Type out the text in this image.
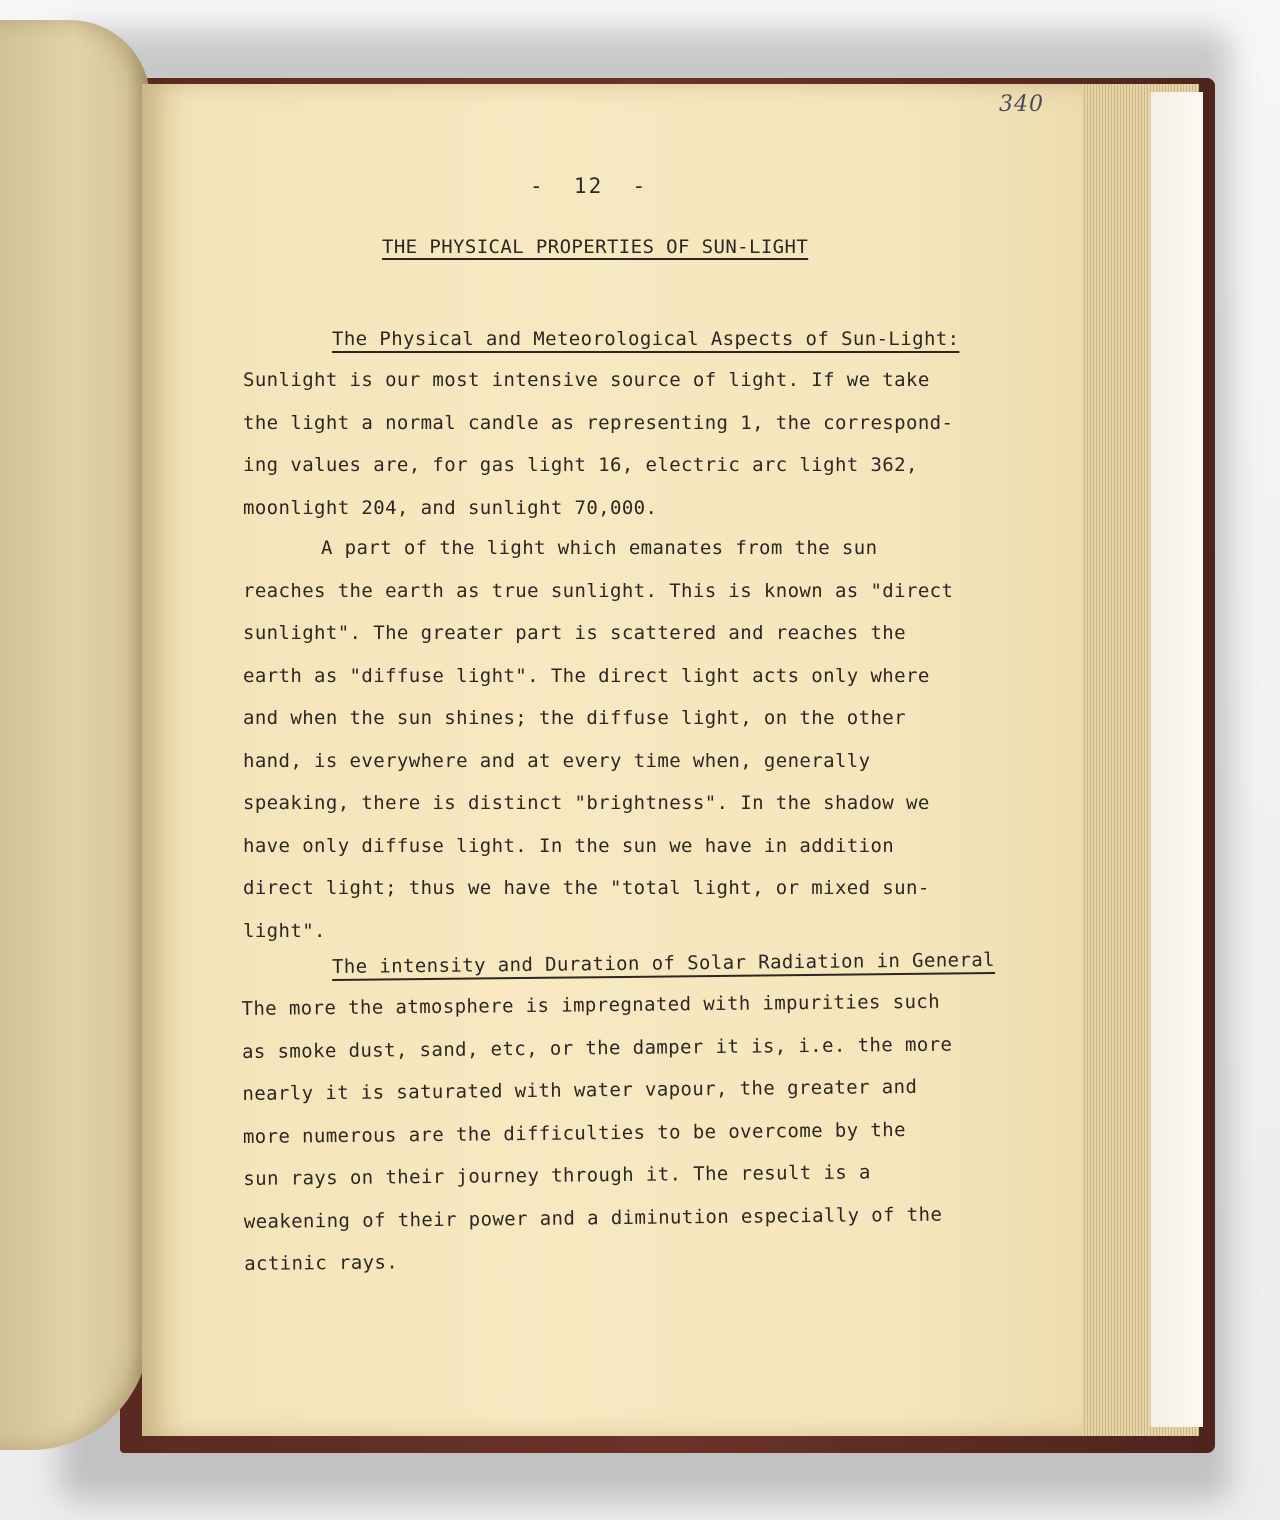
340
-  12  -
THE PHYSICAL PROPERTIES OF SUN-LIGHT
The Physical and Meteorological Aspects of Sun-Light:
Sunlight is our most intensive source of light. If we take
the light a normal candle as representing 1, the correspond-
ing values are, for gas light 16, electric arc light 362,
moonlight 204, and sunlight 70,000.
A part of the light which emanates from the sun
reaches the earth as true sunlight. This is known as "direct
sunlight". The greater part is scattered and reaches the
earth as "diffuse light". The direct light acts only where
and when the sun shines; the diffuse light, on the other
hand, is everywhere and at every time when, generally
speaking, there is distinct "brightness". In the shadow we
have only diffuse light. In the sun we have in addition
direct light; thus we have the "total light, or mixed sun-
light".
The intensity and Duration of Solar Radiation in General
The more the atmosphere is impregnated with impurities such
as smoke dust, sand, etc, or the damper it is, i.e. the more
nearly it is saturated with water vapour, the greater and
more numerous are the difficulties to be overcome by the
sun rays on their journey through it. The result is a
weakening of their power and a diminution especially of the
actinic rays.
